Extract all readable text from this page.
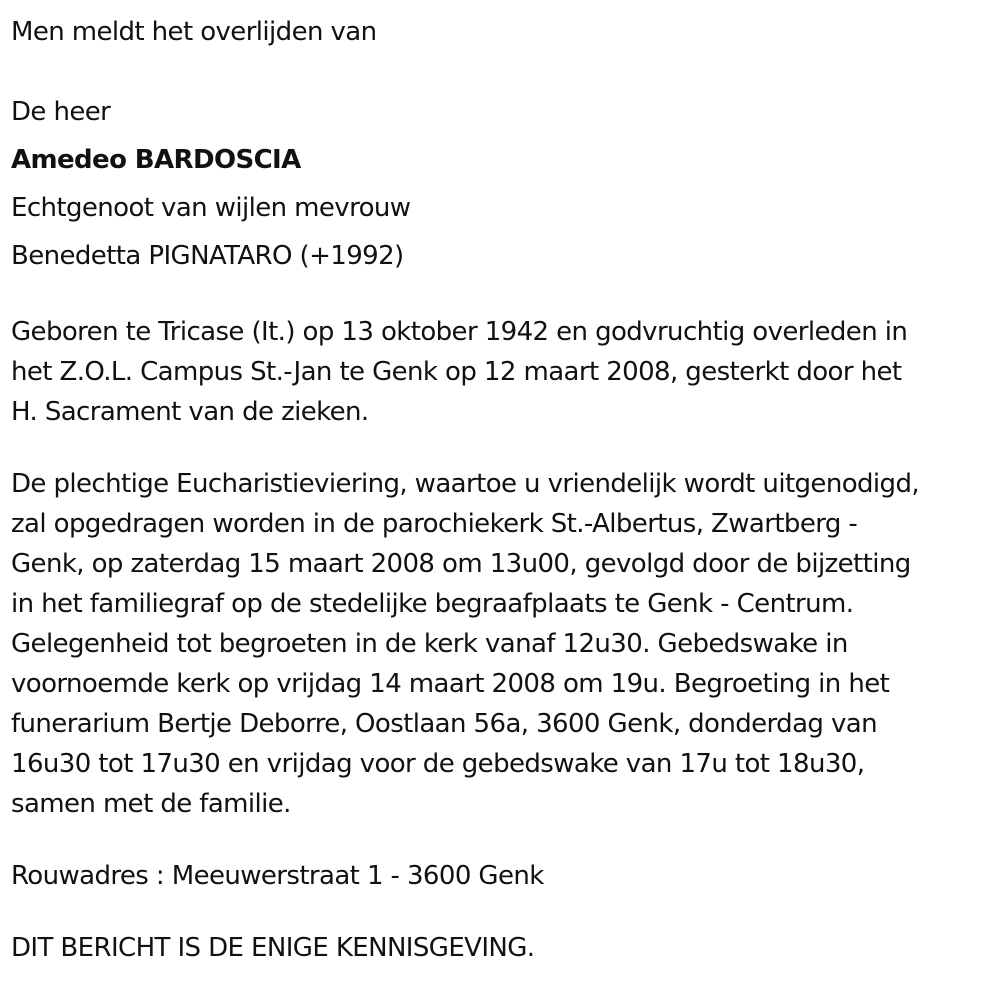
Men meldt het overlijden van
De heer
Amedeo BARDOSCIA
Echtgenoot van wijlen mevrouw
Benedetta PIGNATARO (+1992)
Geboren te Tricase (It.) op 13 oktober 1942 en godvruchtig overleden in
het Z.O.L. Campus St.-Jan te Genk op 12 maart 2008, gesterkt door het
H. Sacrament van de zieken.
De plechtige Eucharistieviering, waartoe u vriendelijk wordt uitgenodigd,
zal opgedragen worden in de parochiekerk St.-Albertus, Zwartberg -
Genk, op zaterdag 15 maart 2008 om 13u00, gevolgd door de bijzetting
in het familiegraf op de stedelijke begraafplaats te Genk - Centrum.
Gelegenheid tot begroeten in de kerk vanaf 12u30. Gebedswake in
voornoemde kerk op vrijdag 14 maart 2008 om 19u. Begroeting in het
funerarium Bertje Deborre, Oostlaan 56a, 3600 Genk, donderdag van
16u30 tot 17u30 en vrijdag voor de gebedswake van 17u tot 18u30,
samen met de familie.
Rouwadres : Meeuwerstraat 1 - 3600 Genk
DIT BERICHT IS DE ENIGE KENNISGEVING.
